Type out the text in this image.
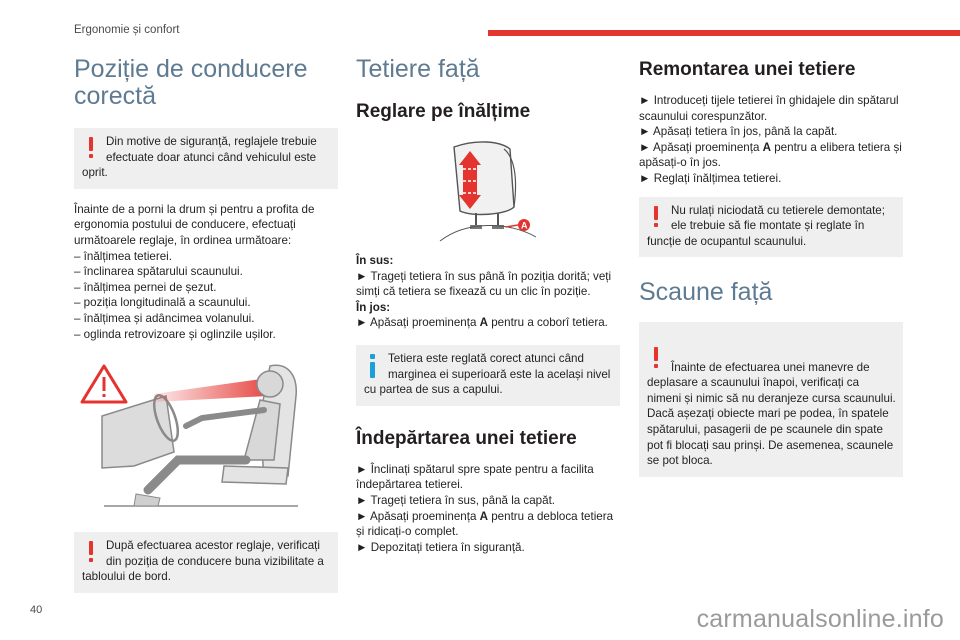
Ergonomie și confort
Poziție de conducere corectă
Din motive de siguranță, reglajele trebuie efectuate doar atunci când vehiculul este oprit.

Înainte de a porni la drum și pentru a profita de ergonomia postului de conducere, efectuați următoarele reglaje, în ordinea următoare:

– înălțimea tetierei.

– înclinarea spătarului scaunului.

– înălțimea pernei de șezut.

– poziția longitudinală a scaunului.

– înălțimea și adâncimea volanului.

– oglinda retrovizoare și oglinzile ușilor.

După efectuarea acestor reglaje, verificați din poziția de conducere buna vizibilitate a tabloului de bord.
Tetiere față
Reglare pe înălțime
A

În sus:

► Trageți tetiera în sus până în poziția dorită; veți simți că tetiera se fixează cu un clic în poziție.

În jos:

► Apăsați proeminența A pentru a coborî tetiera.

Tetiera este reglată corect atunci când marginea ei superioară este la același nivel cu partea de sus a capului.
Îndepărtarea unei tetiere

► Înclinați spătarul spre spate pentru a facilita îndepărtarea tetierei.

► Trageți tetiera în sus, până la capăt.

► Apăsați proeminența A pentru a debloca tetiera și ridicați-o complet.

► Depozitați tetiera în siguranță.

Remontarea unei tetiere

► Introduceți tijele tetierei în ghidajele din spătarul scaunului corespunzător.

► Apăsați tetiera în jos, până la capăt.

► Apăsați proeminența A pentru a elibera tetiera și apăsați-o în jos.

► Reglați înălțimea tetierei.

Nu rulați niciodată cu tetierele demontate; ele trebuie să fie montate și reglate în funcție de ocupantul scaunului.
Scaune față

Înainte de efectuarea unei manevre de deplasare a scaunului înapoi, verificați ca nimeni și nimic să nu deranjeze cursa scaunului.
Dacă așezați obiecte mari pe podea, în spatele spătarului, pasagerii de pe scaunele din spate pot fi blocați sau prinși. De asemenea, scaunele se pot bloca.

40	carmanualsonline.info
